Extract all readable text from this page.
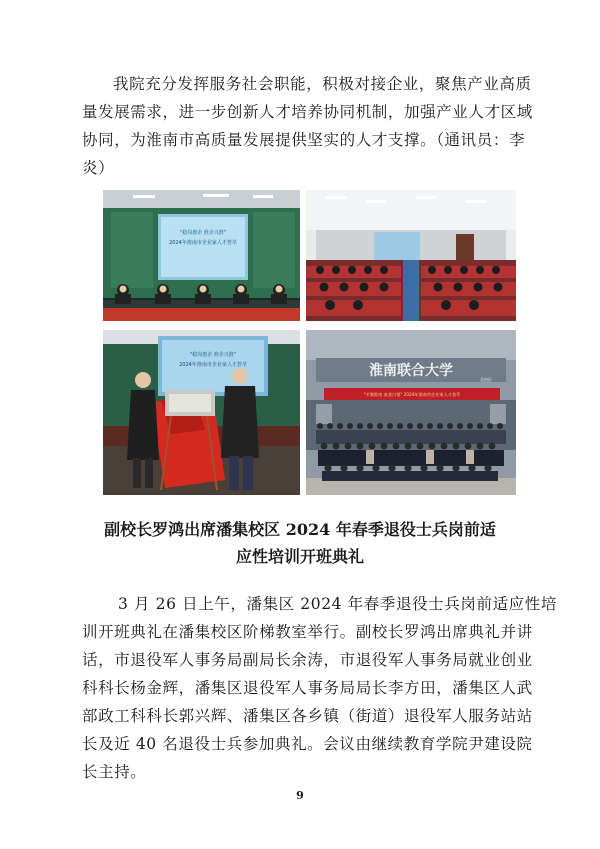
我院充分发挥服务社会职能，积极对接企业，聚焦产业高质
量发展需求，进一步创新人才培养协同机制，加强产业人才区域
协同，为淮南市高质量发展提供坚实的人才支撑。（通讯员：李
炎）
"稳岗惠企 淮企兴淮"
2024年淮南市企业家人才荟萃
"稳岗惠企 淮企兴淮"
2024年淮南市企业家人才荟萃	淮南联合大学
北校区
"才聚淮南 真金白银" 2024年淮南市企业家人才荟萃
副校长罗鸿出席潘集校区 2024 年春季退役士兵岗前适
应性培训开班典礼
3 月 26 日上午，潘集区 2024 年春季退役士兵岗前适应性培
训开班典礼在潘集校区阶梯教室举行。副校长罗鸿出席典礼并讲
话，市退役军人事务局副局长余涛，市退役军人事务局就业创业
科科长杨金辉，潘集区退役军人事务局局长李方田，潘集区人武
部政工科科长郭兴辉、潘集区各乡镇（街道）退役军人服务站站
长及近 40 名退役士兵参加典礼。会议由继续教育学院尹建设院
长主持。
9
